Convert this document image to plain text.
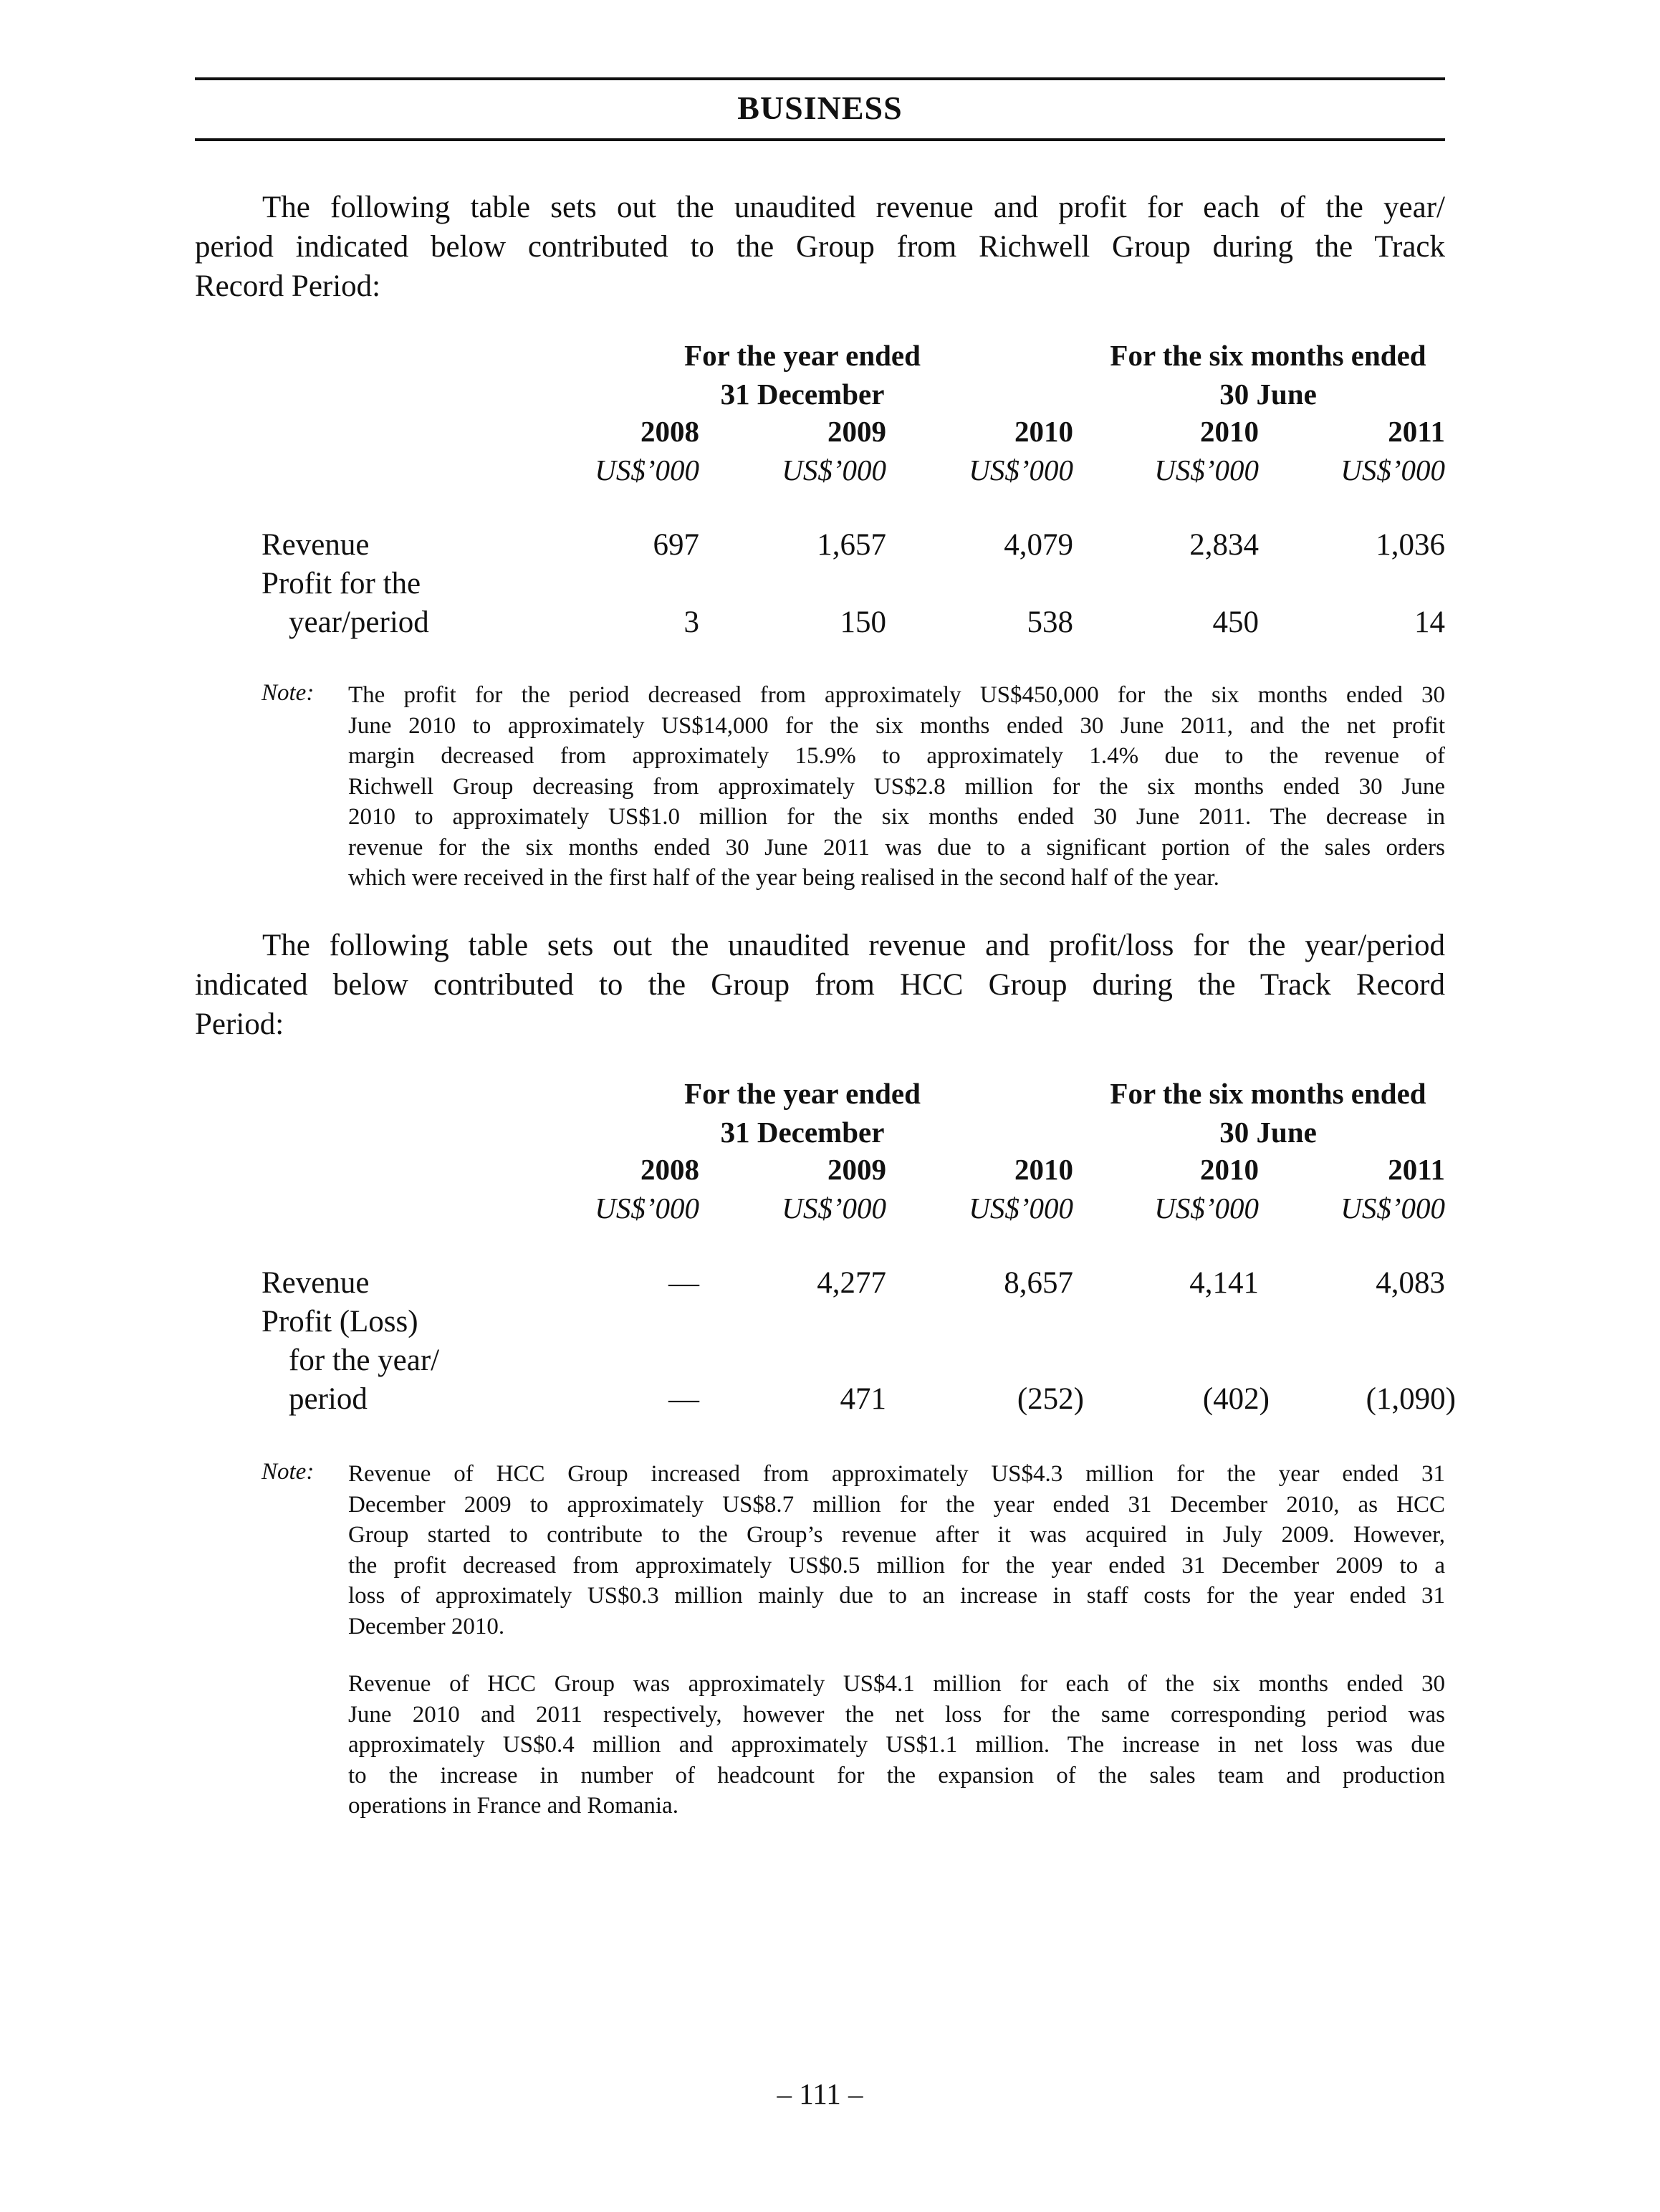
BUSINESS
The following table sets out the unaudited revenue and profit for each of the year/
period indicated below contributed to the Group from Richwell Group during the Track
Record Period:
For the year ended
31 December
For the six months ended
30 June
2008	2009	2010	2010	2011
US$’000	US$’000	US$’000	US$’000	US$’000
Revenue	697	1,657	4,079	2,834	1,036
Profit for the
year/period	3	150	538	450	14
Note: The profit for the period decreased from approximately US$450,000 for the six months ended 30
June 2010 to approximately US$14,000 for the six months ended 30 June 2011, and the net profit
margin decreased from approximately 15.9% to approximately 1.4% due to the revenue of
Richwell Group decreasing from approximately US$2.8 million for the six months ended 30 June
2010 to approximately US$1.0 million for the six months ended 30 June 2011. The decrease in
revenue for the six months ended 30 June 2011 was due to a significant portion of the sales orders
which were received in the first half of the year being realised in the second half of the year.
The following table sets out the unaudited revenue and profit/loss for the year/period
indicated below contributed to the Group from HCC Group during the Track Record
Period:
For the year ended
31 December
For the six months ended
30 June
2008	2009	2010	2010	2011
US$’000	US$’000	US$’000	US$’000	US$’000
Revenue	—	4,277	8,657	4,141	4,083
Profit (Loss)
for the year/
period	—	471	(252)	(402)	(1,090)
Note: Revenue of HCC Group increased from approximately US$4.3 million for the year ended 31
December 2009 to approximately US$8.7 million for the year ended 31 December 2010, as HCC
Group started to contribute to the Group’s revenue after it was acquired in July 2009. However,
the profit decreased from approximately US$0.5 million for the year ended 31 December 2009 to a
loss of approximately US$0.3 million mainly due to an increase in staff costs for the year ended 31
December 2010.
Revenue of HCC Group was approximately US$4.1 million for each of the six months ended 30
June 2010 and 2011 respectively, however the net loss for the same corresponding period was
approximately US$0.4 million and approximately US$1.1 million. The increase in net loss was due
to the increase in number of headcount for the expansion of the sales team and production
operations in France and Romania.
– 111 –
